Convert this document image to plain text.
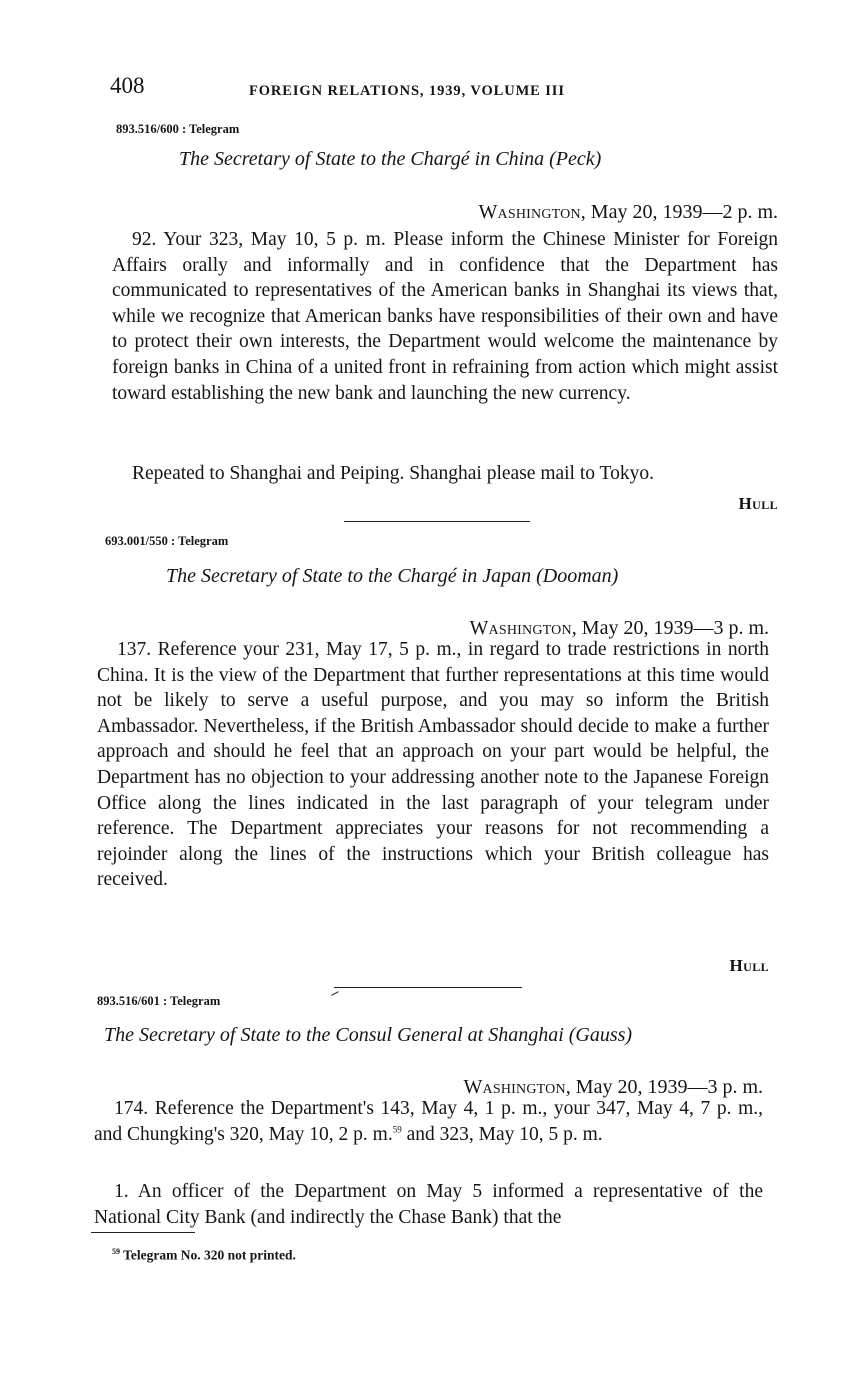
408	FOREIGN RELATIONS, 1939, VOLUME III
893.516/600 : Telegram
The Secretary of State to the Chargé in China (Peck)
Washington, May 20, 1939—2 p. m.

92. Your 323, May 10, 5 p. m. Please inform the Chinese Minister for Foreign Affairs orally and informally and in confidence that the Department has communicated to representatives of the American banks in Shanghai its views that, while we recognize that American banks have responsibilities of their own and have to protect their own interests, the Department would welcome the maintenance by foreign banks in China of a united front in refraining from action which might assist toward establishing the new bank and launching the new currency.

Repeated to Shanghai and Peiping. Shanghai please mail to Tokyo.

Hull
693.001/550 : Telegram
The Secretary of State to the Chargé in Japan (Dooman)
Washington, May 20, 1939—3 p. m.

137. Reference your 231, May 17, 5 p. m., in regard to trade restrictions in north China. It is the view of the Department that further representations at this time would not be likely to serve a useful purpose, and you may so inform the British Ambassador. Nevertheless, if the British Ambassador should decide to make a further approach and should he feel that an approach on your part would be helpful, the Department has no objection to your addressing another note to the Japanese Foreign Office along the lines indicated in the last paragraph of your telegram under reference. The Department appreciates your reasons for not recommending a rejoinder along the lines of the instructions which your British colleague has received.

Hull
893.516/601 : Telegram
The Secretary of State to the Consul General at Shanghai (Gauss)
Washington, May 20, 1939—3 p. m.

174. Reference the Department's 143, May 4, 1 p. m., your 347, May 4, 7 p. m., and Chungking's 320, May 10, 2 p. m.$^{59}$ and 323, May 10, 5 p. m.

1. An officer of the Department on May 5 informed a representative of the National City Bank (and indirectly the Chase Bank) that the

$^{59}$ Telegram No. 320 not printed.
